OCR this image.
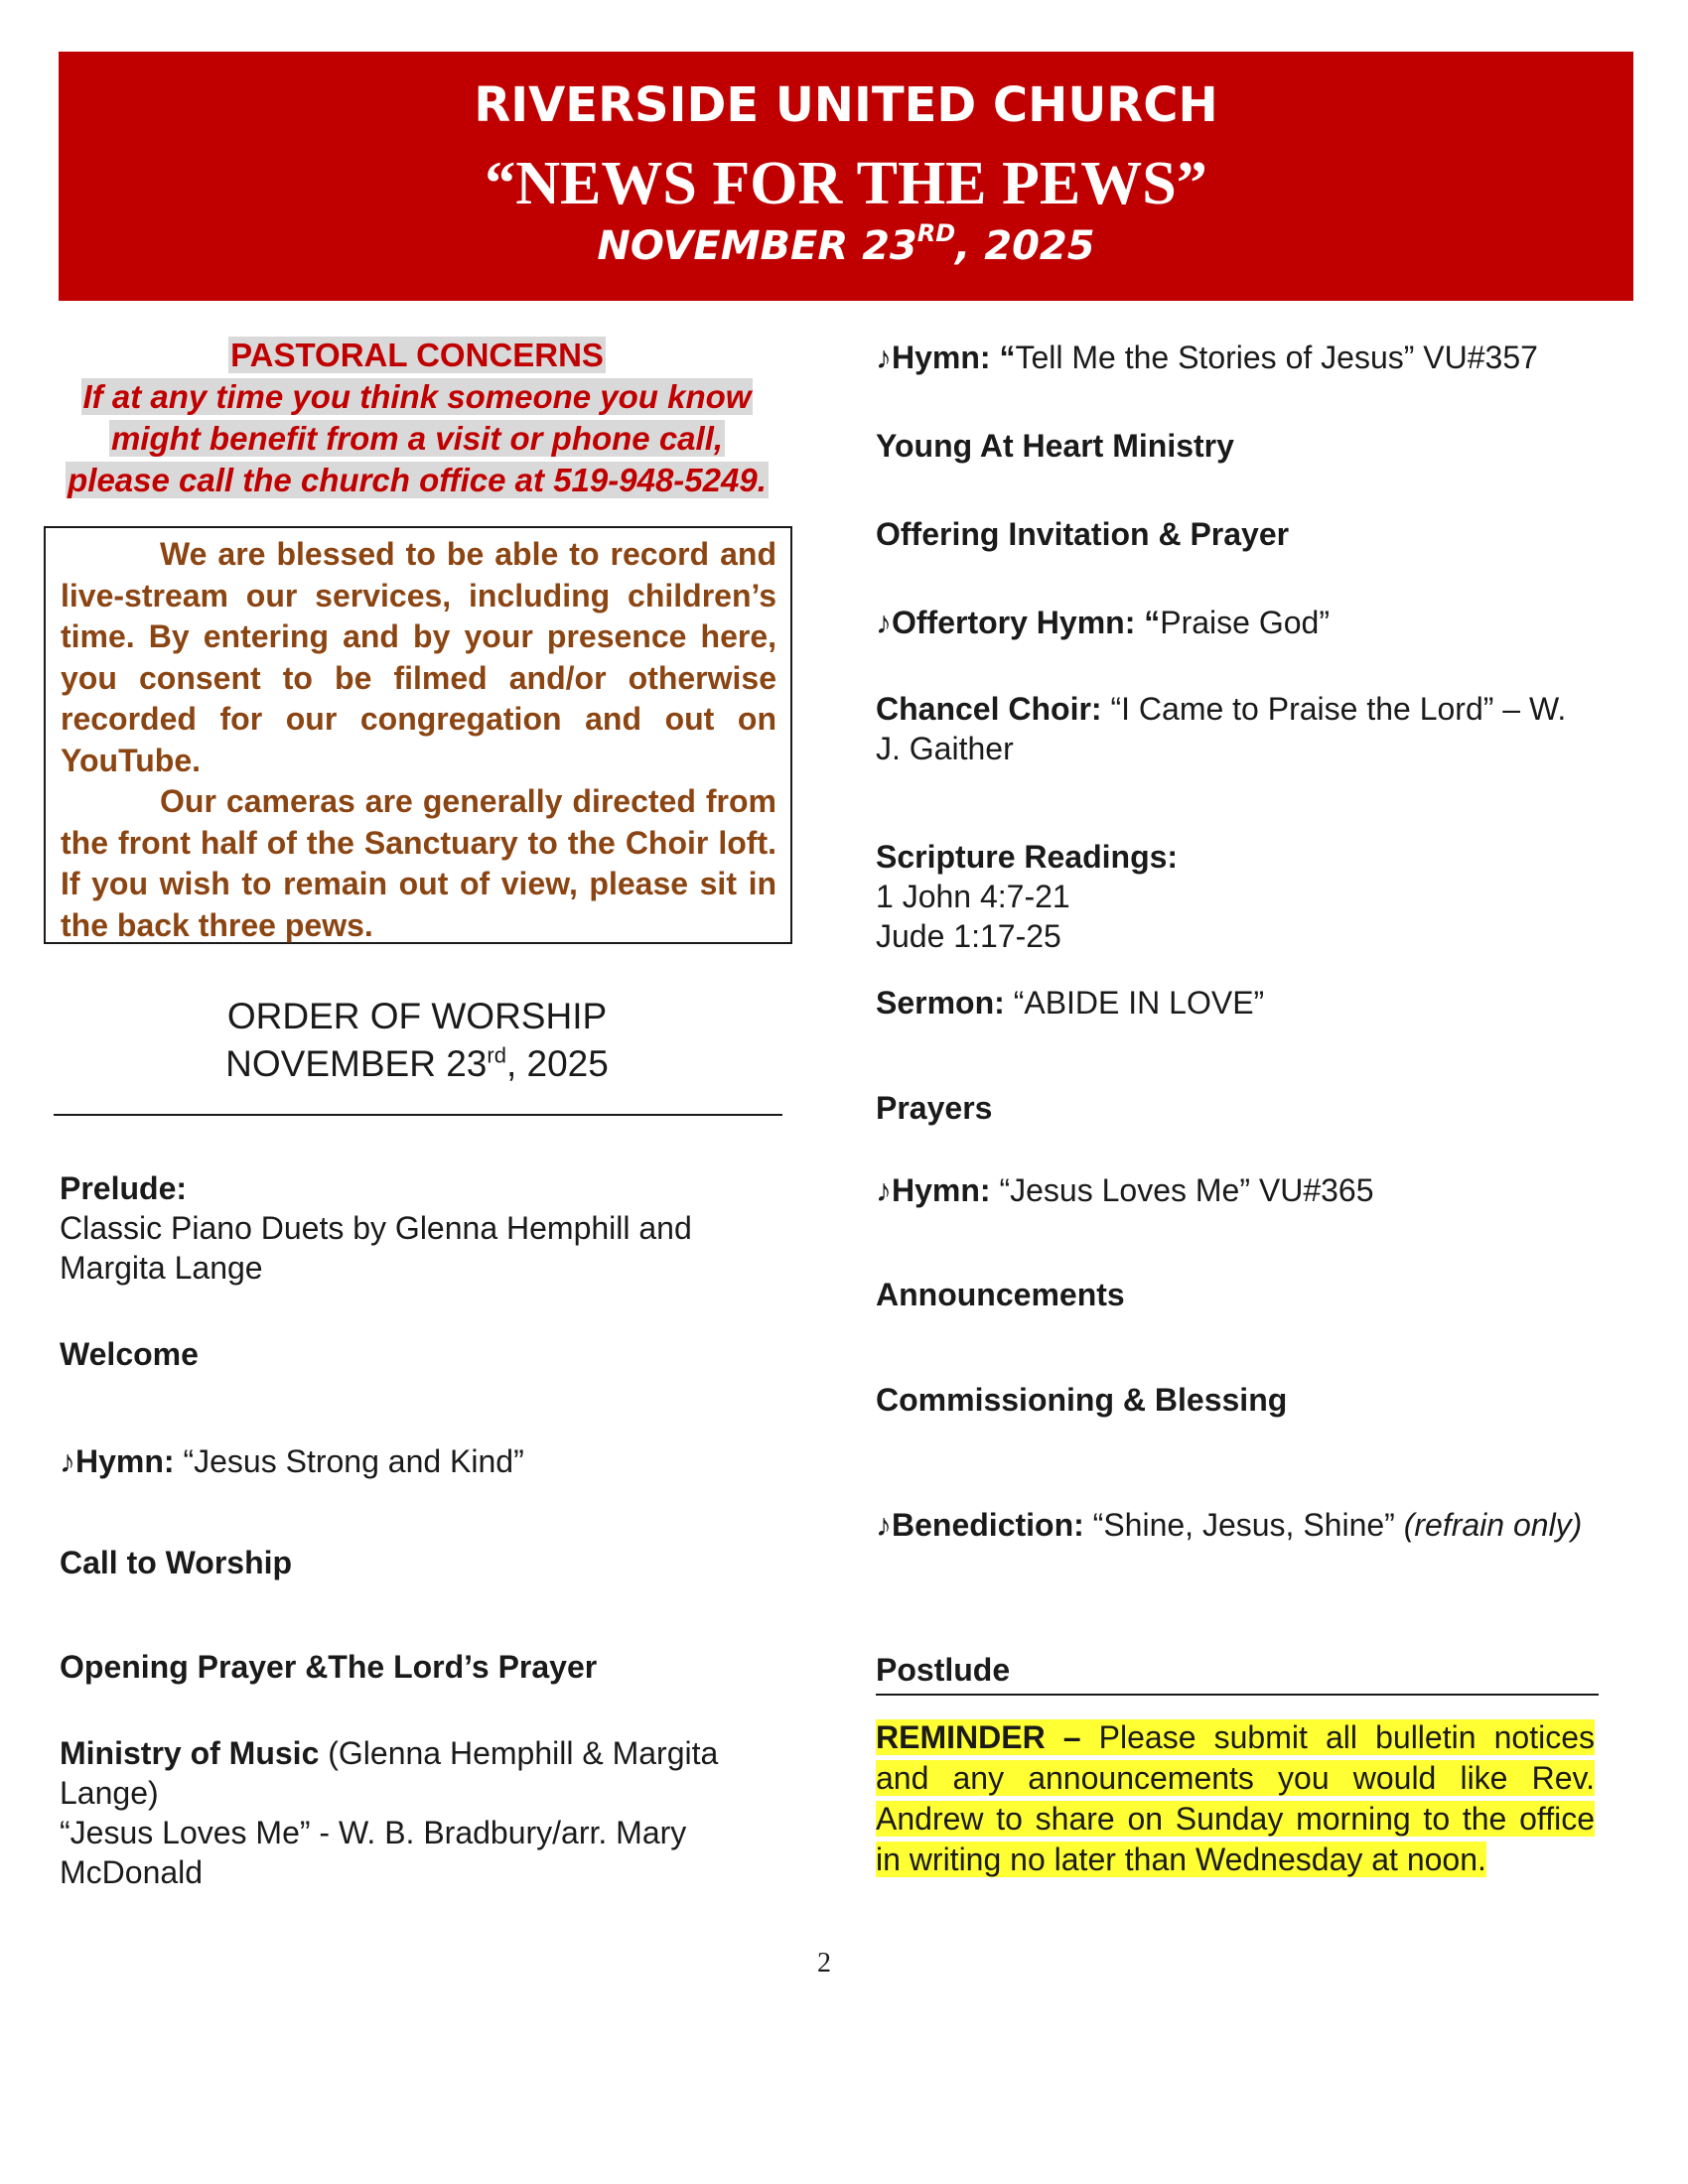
RIVERSIDE UNITED CHURCH
“NEWS FOR THE PEWS”
NOVEMBER 23RD, 2025
PASTORAL CONCERNS
If at any time you think someone you know
might benefit from a visit or phone call,
please call the church office at 519-948-5249.

We are blessed to be able to record and live-stream our services, including children’s time. By entering and by your presence here, you consent to be filmed and/or otherwise recorded for our congregation and out on YouTube.

Our cameras are generally directed from the front half of the Sanctuary to the Choir loft. If you wish to remain out of view, please sit in the back three pews.

ORDER OF WORSHIP
NOVEMBER 23rd, 2025
Prelude:
Classic Piano Duets by Glenna Hemphill and Margita Lange
Welcome
♪Hymn: “Jesus Strong and Kind”
Call to Worship
Opening Prayer &The Lord’s Prayer
Ministry of Music (Glenna Hemphill & Margita Lange)
“Jesus Loves Me” - W. B. Bradbury/arr. Mary McDonald
♪Hymn: “Tell Me the Stories of Jesus” VU#357
Young At Heart Ministry
Offering Invitation & Prayer
♪Offertory Hymn: “Praise God”
Chancel Choir: “I Came to Praise the Lord” – W. J. Gaither
Scripture Readings:
1 John 4:7-21
Jude 1:17-25
Sermon: “ABIDE IN LOVE”
Prayers
♪Hymn: “Jesus Loves Me” VU#365
Announcements
Commissioning & Blessing
♪Benediction: “Shine, Jesus, Shine” (refrain only)
Postlude
REMINDER – Please submit all bulletin notices and any announcements you would like Rev. Andrew to share on Sunday morning to the office in writing no later than Wednesday at noon.
2
